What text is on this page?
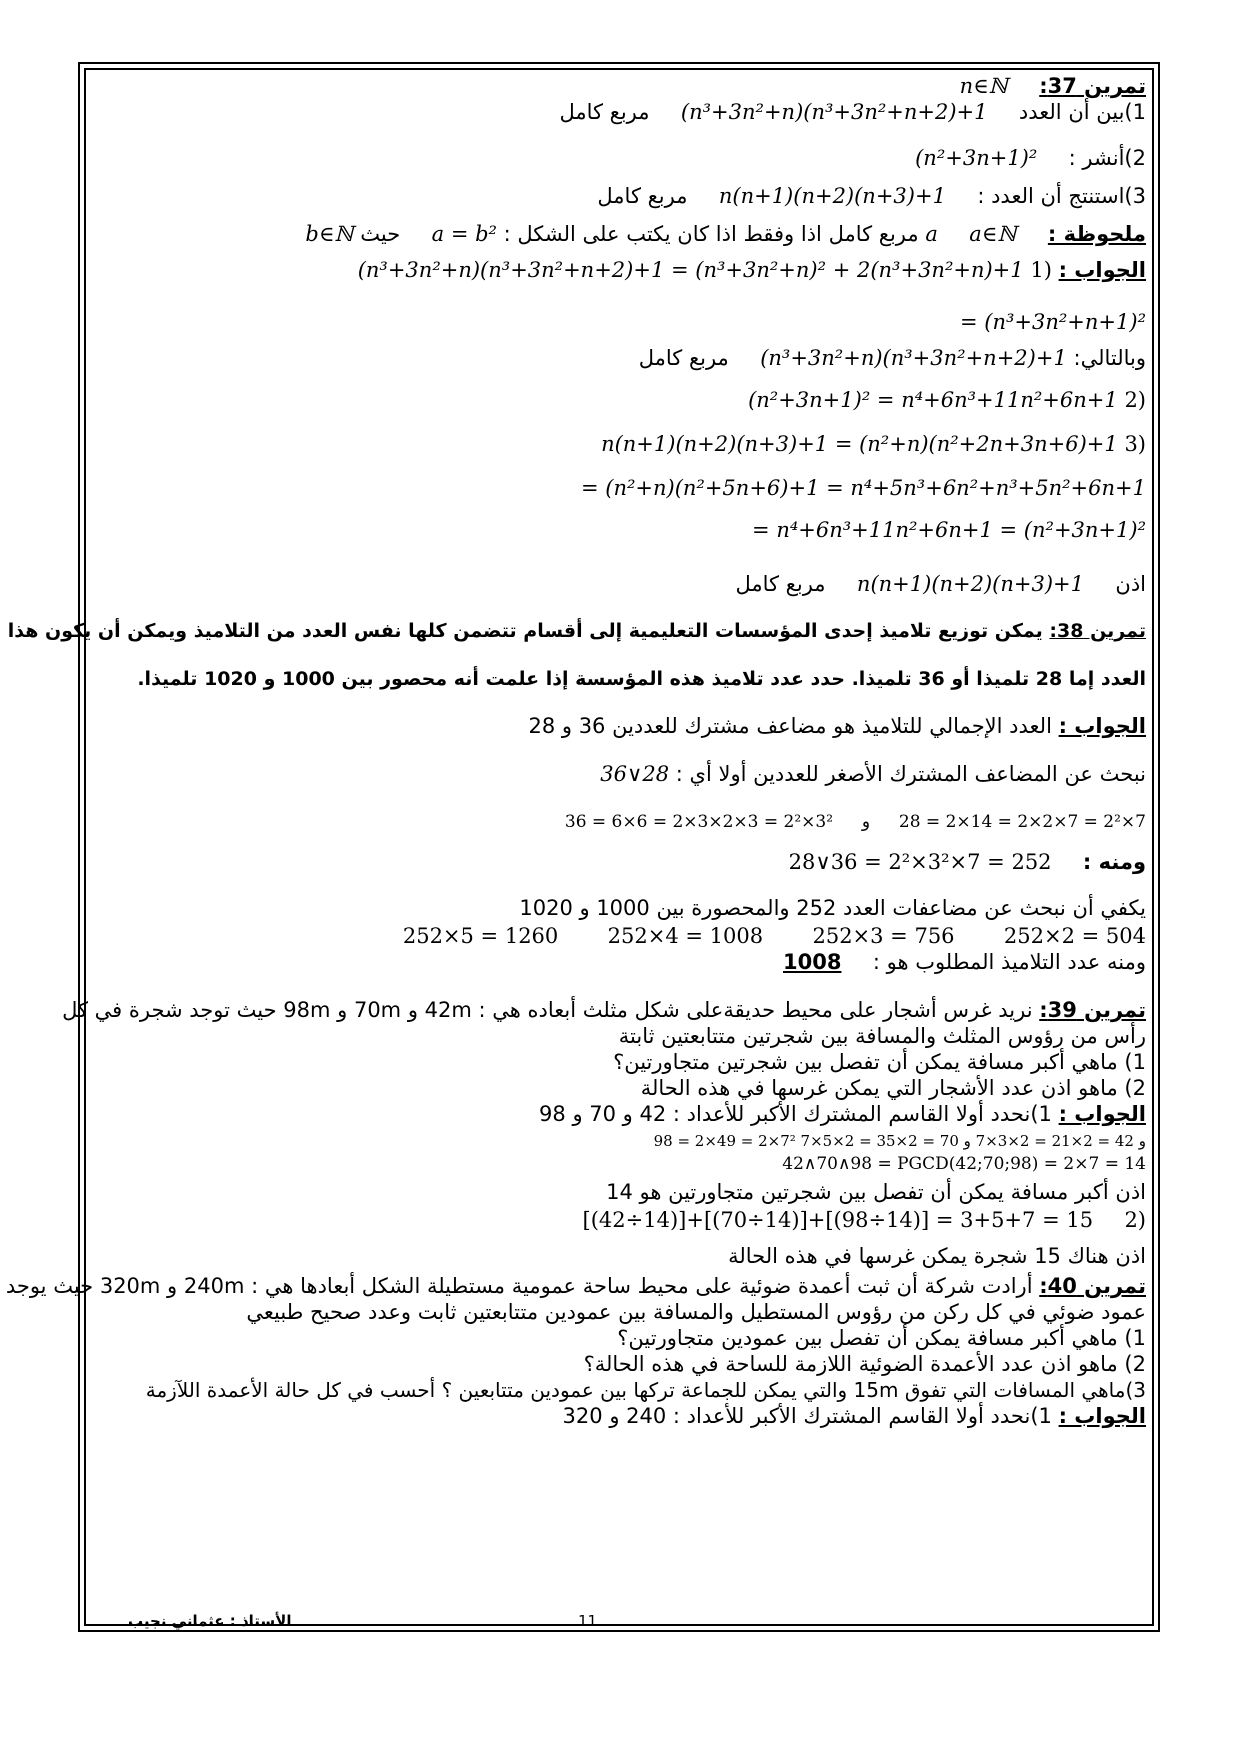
تمرين 37:  n∈ℕ
1)بين أن العدد  (n³+3n²+n)(n³+3n²+n+2)+1  مربع كامل
2)أنشر :  (n²+3n+1)²
3)استنتج أن العدد :  n(n+1)(n+2)(n+3)+1  مربع كامل
ملحوظة :  a∈ℕ  a مربع كامل اذا وفقط اذا كان يكتب على الشكل : a = b²  حيث b∈ℕ
الجواب : 1) (n³+3n²+n)(n³+3n²+n+2)+1 = (n³+3n²+n)² + 2(n³+3n²+n)+1
= (n³+3n²+n+1)²
وبالتالي: (n³+3n²+n)(n³+3n²+n+2)+1  مربع كامل
2) (n²+3n+1)² = n⁴+6n³+11n²+6n+1
3) n(n+1)(n+2)(n+3)+1 = (n²+n)(n²+2n+3n+6)+1
= (n²+n)(n²+5n+6)+1 = n⁴+5n³+6n²+n³+5n²+6n+1
= n⁴+6n³+11n²+6n+1 = (n²+3n+1)²
اذن  n(n+1)(n+2)(n+3)+1  مربع كامل
تمرين 38: يمكن توزيع تلاميذ إحدى المؤسسات التعليمية إلى أقسام تتضمن كلها نفس العدد من التلاميذ ويمكن أن يكون هذا
العدد إما 28 تلميذا أو 36 تلميذا. حدد عدد تلاميذ هذه المؤسسة إذا علمت أنه محصور بين 1000 و 1020 تلميذا.
الجواب : العدد الإجمالي للتلاميذ هو مضاعف مشترك للعددين 36 و 28
نبحث عن المضاعف المشترك الأصغر للعددين أولا أي : 36∨28
28 = 2×14 = 2×2×7 = 2²×7  و  36 = 6×6 = 2×3×2×3 = 2²×3²
ومنه :  28∨36 = 2²×3²×7 = 252
يكفي أن نبحث عن مضاعفات العدد 252 والمحصورة بين 1000 و 1020
252×2 = 504  252×3 = 756  252×4 = 1008  252×5 = 1260
ومنه عدد التلاميذ المطلوب هو :  1008
تمرين 39: نريد غرس أشجار على محيط حديقةعلى شكل مثلث أبعاده هي : 42m و 70m و 98m حيث توجد شجرة في كل
رأس من رؤوس المثلث والمسافة بين شجرتين متتابعتين ثابتة
1) ماهي أكبر مسافة يمكن أن تفصل بين شجرتين متجاورتين؟
2) ماهو اذن عدد الأشجار التي يمكن غرسها في هذه الحالة
الجواب : 1)نحدد أولا القاسم المشترك الأكبر للأعداد : 42 و 70 و 98
98 = 2×49 = 2×7² و 42 = 2×21 = 2×3×7 و 70 = 2×35 = 2×5×7
42∧70∧98 = PGCD(42;70;98) = 2×7 = 14
اذن أكبر مسافة يمكن أن تفصل بين شجرتين متجاورتين هو 14
2)  [(42÷14)]+[(70÷14)]+[(98÷14)] = 3+5+7 = 15
اذن هناك 15 شجرة يمكن غرسها في هذه الحالة
تمرين 40: أرادت شركة أن ثبت أعمدة ضوئية على محيط ساحة عمومية مستطيلة الشكل أبعادها هي : 240m و 320m حيث يوجد
عمود ضوئي في كل ركن من رؤوس المستطيل والمسافة بين عمودين متتابعتين ثابت وعدد صحيح طبيعي
1) ماهي أكبر مسافة يمكن أن تفصل بين عمودين متجاورتين؟
2) ماهو اذن عدد الأعمدة الضوئية اللازمة للساحة في هذه الحالة؟
3)ماهي المسافات التي تفوق 15m والتي يمكن للجماعة تركها بين عمودين متتابعين ؟ أحسب في كل حالة الأعمدة اللآزمة
الجواب : 1)نحدد أولا القاسم المشترك الأكبر للأعداد : 240 و 320
11
الأستاذ : عثماني نجيب
